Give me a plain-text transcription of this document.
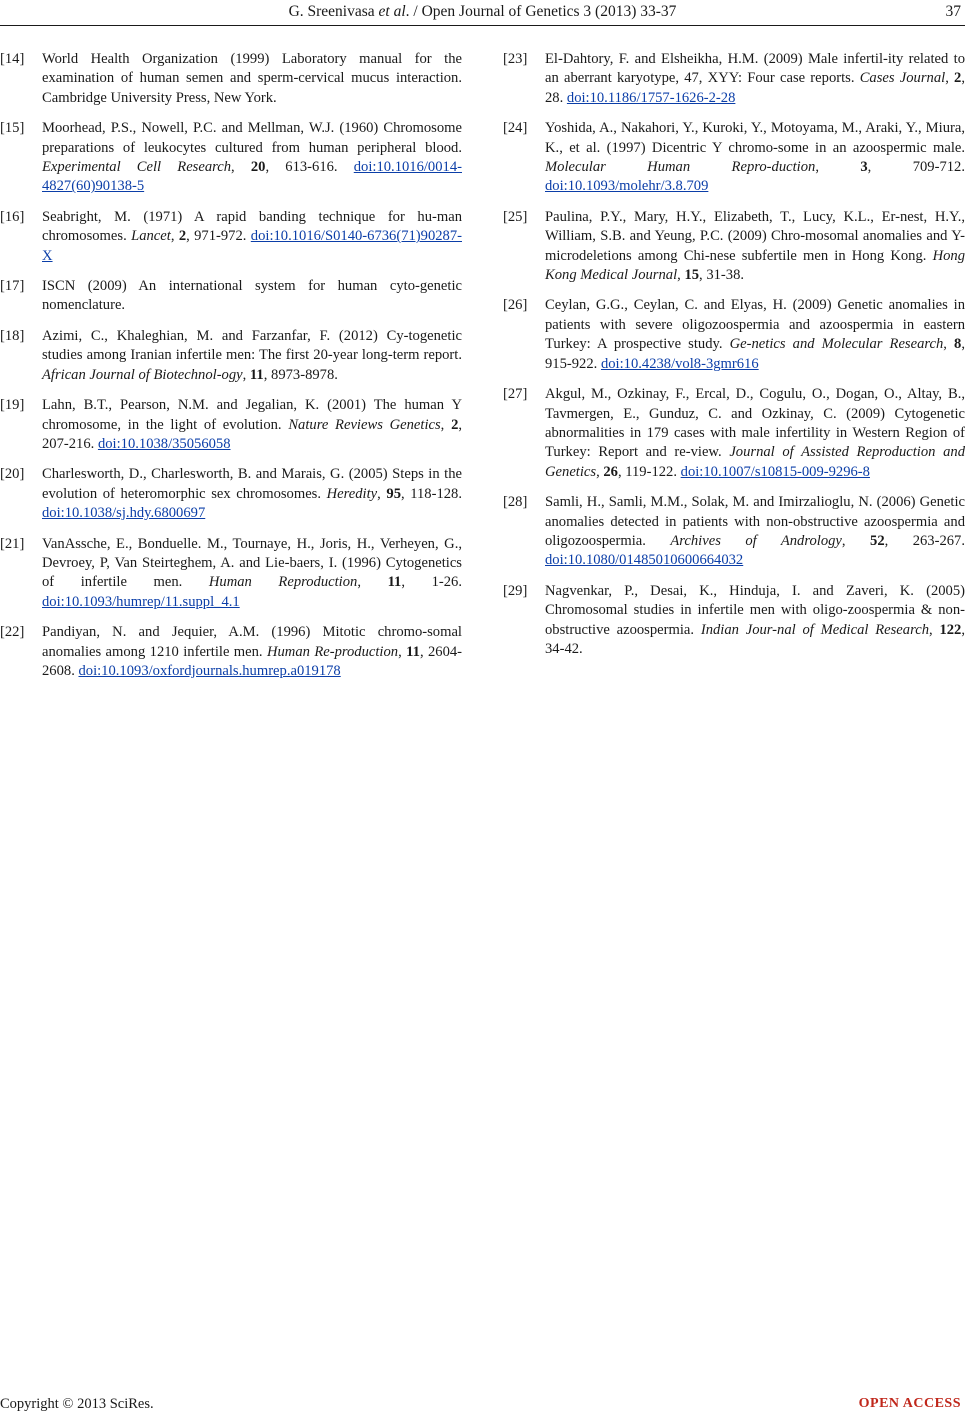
G. Sreenivasa et al. / Open Journal of Genetics 3 (2013) 33-37	37
[14] World Health Organization (1999) Laboratory manual for the examination of human semen and sperm-cervical mucus interaction. Cambridge University Press, New York.
[15] Moorhead, P.S., Nowell, P.C. and Mellman, W.J. (1960) Chromosome preparations of leukocytes cultured from human peripheral blood. Experimental Cell Research, 20, 613-616. doi:10.1016/0014-4827(60)90138-5
[16] Seabright, M. (1971) A rapid banding technique for hu-man chromosomes. Lancet, 2, 971-972. doi:10.1016/S0140-6736(71)90287-X
[17] ISCN (2009) An international system for human cyto-genetic nomenclature.
[18] Azimi, C., Khaleghian, M. and Farzanfar, F. (2012) Cy-togenetic studies among Iranian infertile men: The first 20-year long-term report. African Journal of Biotechnol-ogy, 11, 8973-8978.
[19] Lahn, B.T., Pearson, N.M. and Jegalian, K. (2001) The human Y chromosome, in the light of evolution. Nature Reviews Genetics, 2, 207-216. doi:10.1038/35056058
[20] Charlesworth, D., Charlesworth, B. and Marais, G. (2005) Steps in the evolution of heteromorphic sex chromosomes. Heredity, 95, 118-128. doi:10.1038/sj.hdy.6800697
[21] VanAssche, E., Bonduelle. M., Tournaye, H., Joris, H., Verheyen, G., Devroey, P, Van Steirteghem, A. and Lie-baers, I. (1996) Cytogenetics of infertile men. Human Reproduction, 11, 1-26. doi:10.1093/humrep/11.suppl_4.1
[22] Pandiyan, N. and Jequier, A.M. (1996) Mitotic chromo-somal anomalies among 1210 infertile men. Human Re-production, 11, 2604-2608. doi:10.1093/oxfordjournals.humrep.a019178
[23] El-Dahtory, F. and Elsheikha, H.M. (2009) Male infertil-ity related to an aberrant karyotype, 47, XYY: Four case reports. Cases Journal, 2, 28. doi:10.1186/1757-1626-2-28
[24] Yoshida, A., Nakahori, Y., Kuroki, Y., Motoyama, M., Araki, Y., Miura, K., et al. (1997) Dicentric Y chromo-some in an azoospermic male. Molecular Human Repro-duction, 3, 709-712. doi:10.1093/molehr/3.8.709
[25] Paulina, P.Y., Mary, H.Y., Elizabeth, T., Lucy, K.L., Er-nest, H.Y., William, S.B. and Yeung, P.C. (2009) Chro-mosomal anomalies and Y-microdeletions among Chi-nese subfertile men in Hong Kong. Hong Kong Medical Journal, 15, 31-38.
[26] Ceylan, G.G., Ceylan, C. and Elyas, H. (2009) Genetic anomalies in patients with severe oligozoospermia and azoospermia in eastern Turkey: A prospective study. Ge-netics and Molecular Research, 8, 915-922. doi:10.4238/vol8-3gmr616
[27] Akgul, M., Ozkinay, F., Ercal, D., Cogulu, O., Dogan, O., Altay, B., Tavmergen, E., Gunduz, C. and Ozkinay, C. (2009) Cytogenetic abnormalities in 179 cases with male infertility in Western Region of Turkey: Report and re-view. Journal of Assisted Reproduction and Genetics, 26, 119-122. doi:10.1007/s10815-009-9296-8
[28] Samli, H., Samli, M.M., Solak, M. and Imirzalioglu, N. (2006) Genetic anomalies detected in patients with non-obstructive azoospermia and oligozoospermia. Archives of Andrology, 52, 263-267. doi:10.1080/01485010600664032
[29] Nagvenkar, P., Desai, K., Hinduja, I. and Zaveri, K. (2005) Chromosomal studies in infertile men with oligo-zoospermia & non-obstructive azoospermia. Indian Jour-nal of Medical Research, 122, 34-42.
Copyright © 2013 SciRes.	OPEN ACCESS
